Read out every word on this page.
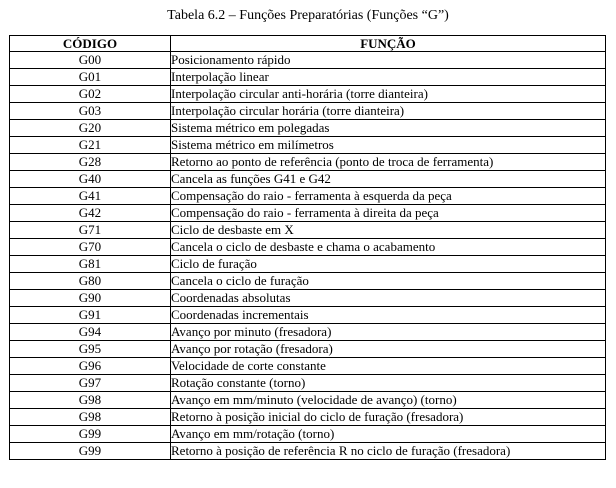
Tabela 6.2 – Funções Preparatórias (Funções “G”)
CÓDIGO	FUNÇÃO
G00	Posicionamento rápido
G01	Interpolação linear
G02	Interpolação circular anti-horária (torre dianteira)
G03	Interpolação circular horária (torre dianteira)
G20	Sistema métrico em polegadas
G21	Sistema métrico em milímetros
G28	Retorno ao ponto de referência (ponto de troca de ferramenta)
G40	Cancela as funções G41 e G42
G41	Compensação do raio - ferramenta à esquerda da peça
G42	Compensação do raio - ferramenta à direita da peça
G71	Ciclo de desbaste em X
G70	Cancela o ciclo de desbaste e chama o acabamento
G81	Ciclo de furação
G80	Cancela o ciclo de furação
G90	Coordenadas absolutas
G91	Coordenadas incrementais
G94	Avanço por minuto (fresadora)
G95	Avanço por rotação (fresadora)
G96	Velocidade de corte constante
G97	Rotação constante (torno)
G98	Avanço em mm/minuto (velocidade de avanço) (torno)
G98	Retorno à posição inicial do ciclo de furação (fresadora)
G99	Avanço em mm/rotação (torno)
G99	Retorno à posição de referência R no ciclo de furação (fresadora)
